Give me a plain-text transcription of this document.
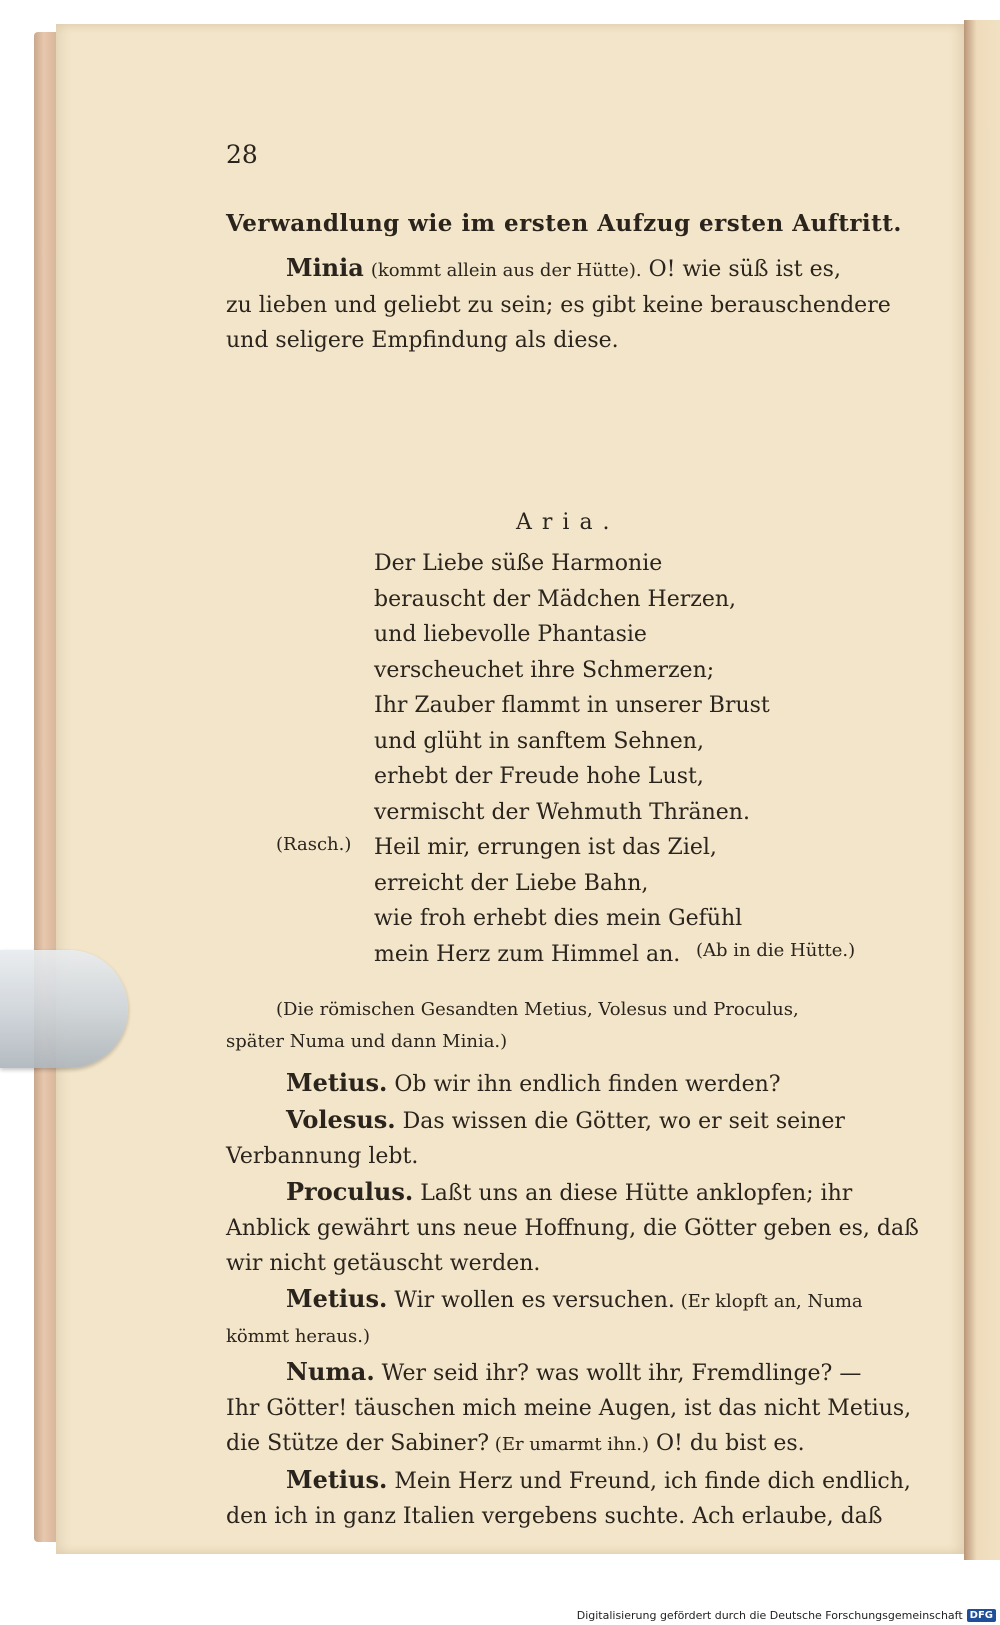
28
Verwandlung wie im ersten Aufzug ersten Auftritt.
Minia (kommt allein aus der Hütte). O! wie süß ist es,
zu lieben und geliebt zu sein; es gibt keine berauschendere
und seligere Empfindung als diese.
Aria.
Der Liebe süße Harmonie
berauscht der Mädchen Herzen,
und liebevolle Phantasie
verscheuchet ihre Schmerzen;
Ihr Zauber flammt in unserer Brust
und glüht in sanftem Sehnen,
erhebt der Freude hohe Lust,
vermischt der Wehmuth Thränen.
Heil mir, errungen ist das Ziel,
erreicht der Liebe Bahn,
wie froh erhebt dies mein Gefühl
mein Herz zum Himmel an.
(Rasch.)
(Ab in die Hütte.)
(Die römischen Gesandten Metius, Volesus und Proculus,
später Numa und dann Minia.)
Metius. Ob wir ihn endlich finden werden?
Volesus. Das wissen die Götter, wo er seit seiner
Verbannung lebt.
Proculus. Laßt uns an diese Hütte anklopfen; ihr
Anblick gewährt uns neue Hoffnung, die Götter geben es, daß
wir nicht getäuscht werden.
Metius. Wir wollen es versuchen. (Er klopft an, Numa
kömmt heraus.)
Numa. Wer seid ihr? was wollt ihr, Fremdlinge? —
Ihr Götter! täuschen mich meine Augen, ist das nicht Metius,
die Stütze der Sabiner? (Er umarmt ihn.) O! du bist es.
Metius. Mein Herz und Freund, ich finde dich endlich,
den ich in ganz Italien vergebens suchte. Ach erlaube, daß
Digitalisierung gefördert durch die Deutsche Forschungsgemeinschaft DFG
